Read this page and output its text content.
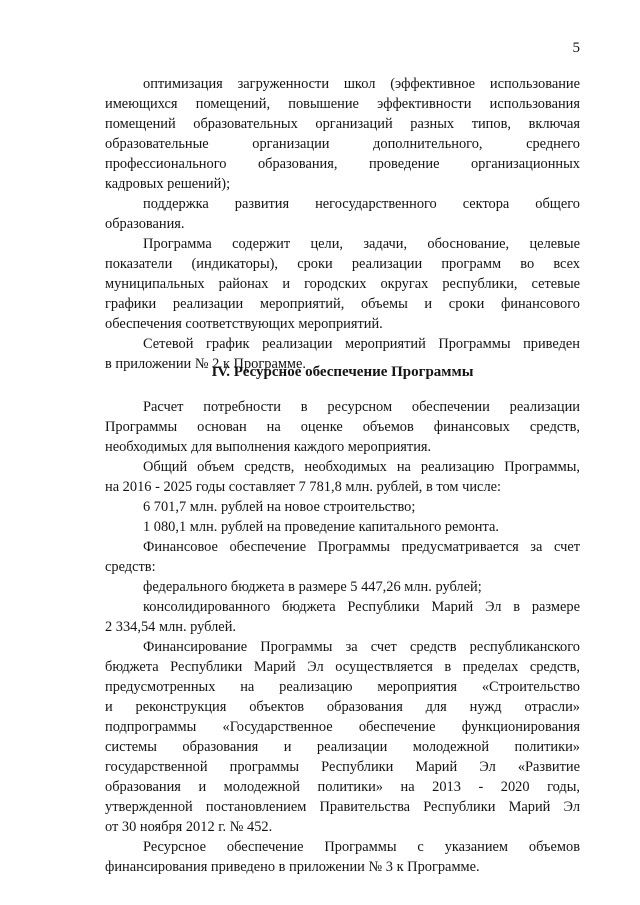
5
оптимизация загруженности школ (эффективное использование
имеющихся помещений, повышение эффективности использования
помещений образовательных организаций разных типов, включая
образовательные организации дополнительного, среднего
профессионального образования, проведение организационных
кадровых решений);
поддержка развития негосударственного сектора общего
образования.
Программа содержит цели, задачи, обоснование, целевые
показатели (индикаторы), сроки реализации программ во всех
муниципальных районах и городских округах республики, сетевые
графики реализации мероприятий, объемы и сроки финансового
обеспечения соответствующих мероприятий.
Сетевой график реализации мероприятий Программы приведен
в приложении № 2 к Программе.
IV. Ресурсное обеспечение Программы
Расчет потребности в ресурсном обеспечении реализации
Программы основан на оценке объемов финансовых средств,
необходимых для выполнения каждого мероприятия.
Общий объем средств, необходимых на реализацию Программы,
на 2016 - 2025 годы составляет 7 781,8 млн. рублей, в том числе:
6 701,7 млн. рублей на новое строительство;
1 080,1 млн. рублей на проведение капитального ремонта.
Финансовое обеспечение Программы предусматривается за счет
средств:
федерального бюджета в размере 5 447,26 млн. рублей;
консолидированного бюджета Республики Марий Эл в размере
2 334,54 млн. рублей.
Финансирование Программы за счет средств республиканского
бюджета Республики Марий Эл осуществляется в пределах средств,
предусмотренных на реализацию мероприятия «Строительство
и реконструкция объектов образования для нужд отрасли»
подпрограммы «Государственное обеспечение функционирования
системы образования и реализации молодежной политики»
государственной программы Республики Марий Эл «Развитие
образования и молодежной политики» на 2013 - 2020 годы,
утвержденной постановлением Правительства Республики Марий Эл
от 30 ноября 2012 г. № 452.
Ресурсное обеспечение Программы с указанием объемов
финансирования приведено в приложении № 3 к Программе.
